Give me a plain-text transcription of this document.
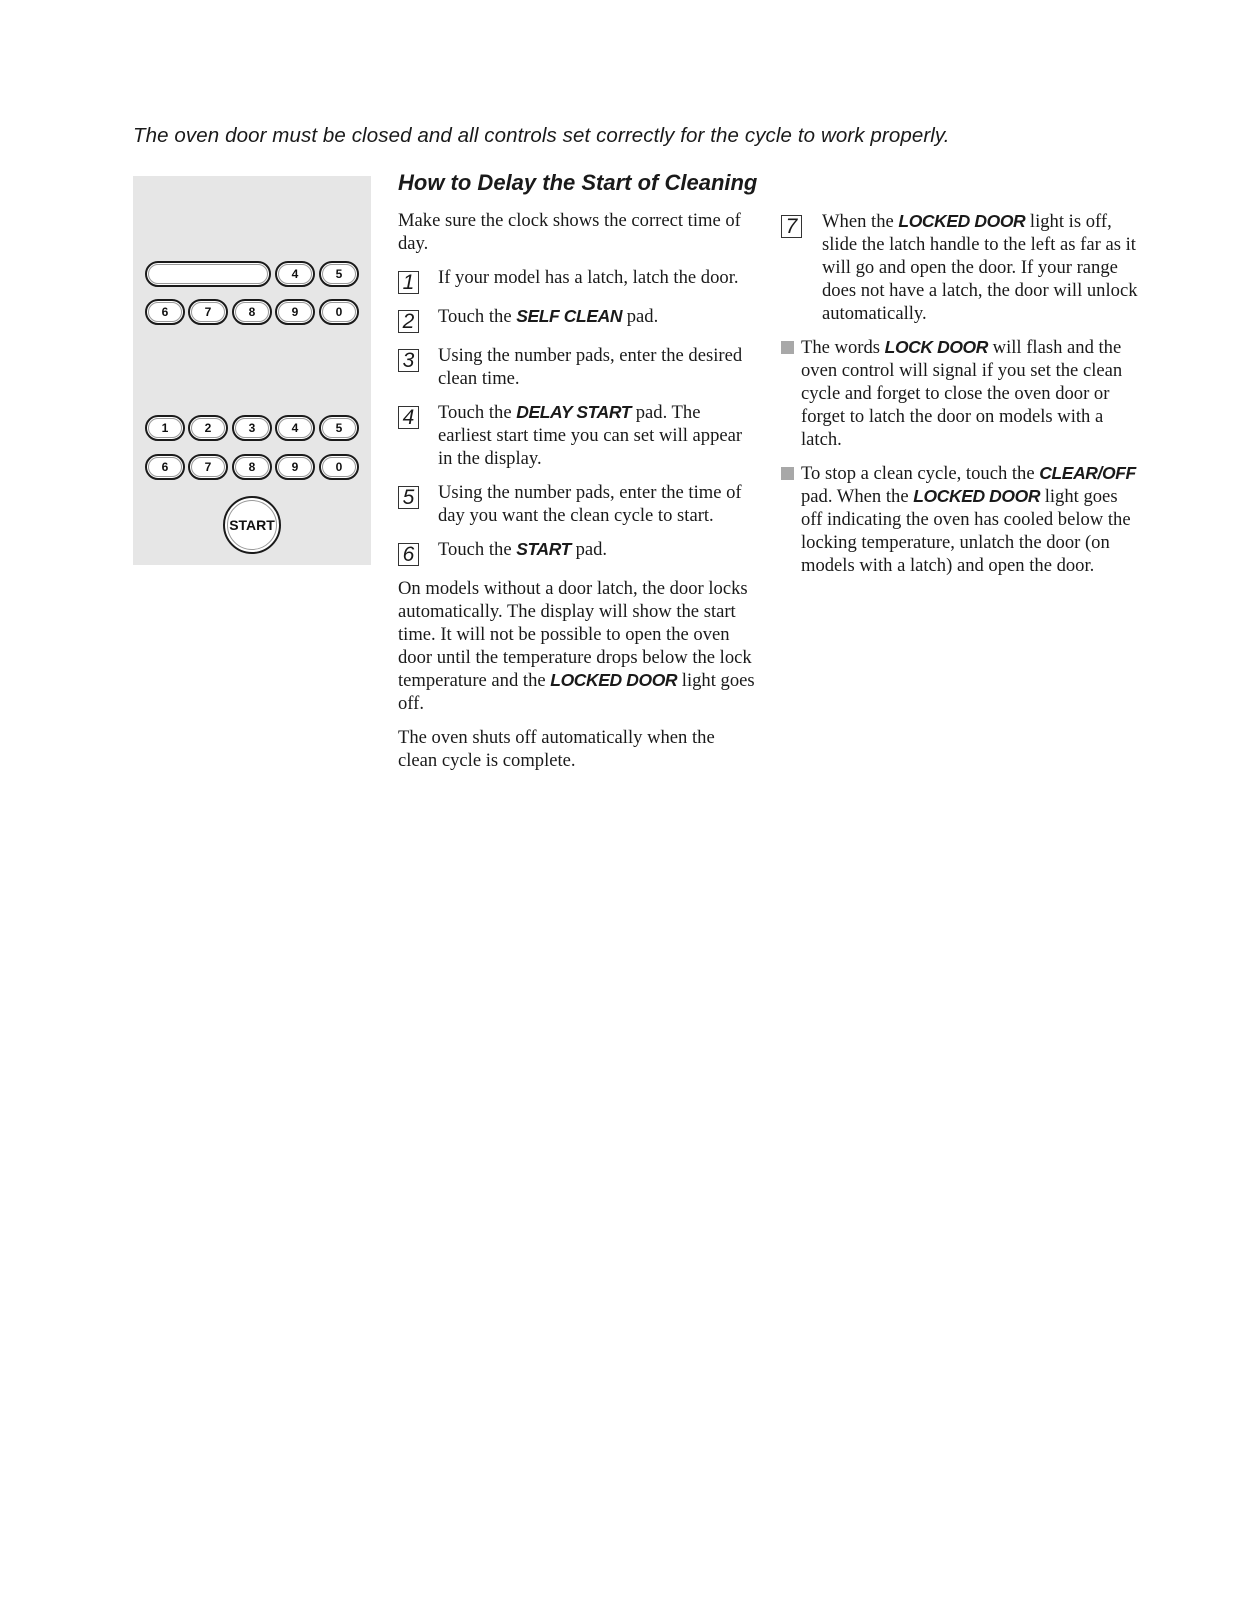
The oven door must be closed and all controls set correctly for the cycle to work properly.
4	5
6	7	8	9	0
1	2	3	4	5
6	7	8	9	0
START
How to Delay the Start of Cleaning

Make sure the clock shows the correct time of day.

1 If your model has a latch, latch the door.
2 Touch the SELF CLEAN pad.
3 Using the number pads, enter the desired clean time.
4 Touch the DELAY START pad. The earliest start time you can set will appear in the display.
5 Using the number pads, enter the time of day you want the clean cycle to start.
6 Touch the START pad.

On models without a door latch, the door locks automatically. The display will show the start time. It will not be possible to open the oven door until the temperature drops below the lock temperature and the LOCKED DOOR light goes off.

The oven shuts off automatically when the clean cycle is complete.

7 When the LOCKED DOOR light is off, slide the latch handle to the left as far as it will go and open the door. If your range does not have a latch, the door will unlock automatically.
The words LOCK DOOR will flash and the oven control will signal if you set the clean cycle and forget to close the oven door or forget to latch the door on models with a latch.
To stop a clean cycle, touch the CLEAR/OFF pad. When the LOCKED DOOR light goes off indicating the oven has cooled below the locking temperature, unlatch the door (on models with a latch) and open the door.
